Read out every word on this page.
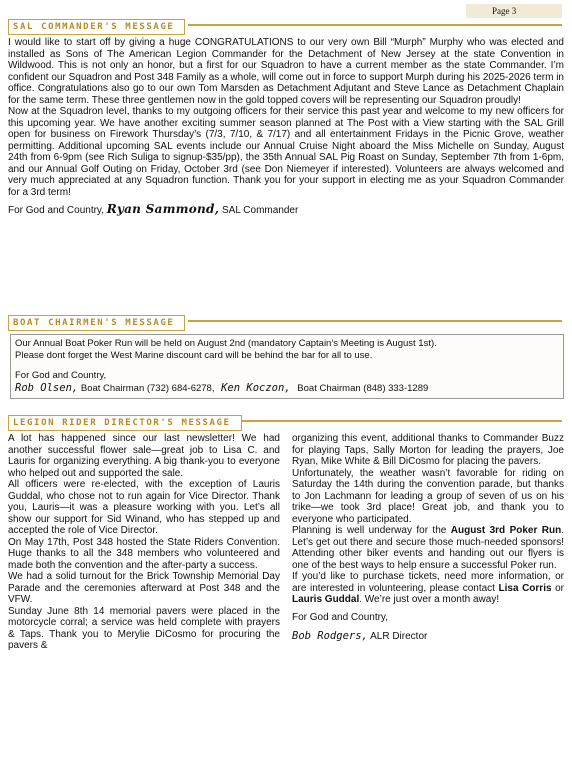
Page 3
SAL COMMANDER'S MESSAGE

I would like to start off by giving a huge CONGRATULATIONS to our very own Bill “Murph” Murphy who was elected and installed as Sons of The American Legion Commander for the Detachment of New Jersey at the state Convention in Wildwood. This is not only an honor, but a first for our Squadron to have a current member as the state Commander. I’m confident our Squadron and Post 348 Family as a whole, will come out in force to support Murph during his 2025-2026 term in office. Congratulations also go to our own Tom Marsden as Detachment Adjutant and Steve Lance as Detachment Chaplain for the same term. These three gentlemen now in the gold topped covers will be representing our Squadron proudly!

Now at the Squadron level, thanks to my outgoing officers for their service this past year and welcome to my new officers for this upcoming year. We have another exciting summer season planned at The Post with a View starting with the SAL Grill open for business on Firework Thursday’s (7/3, 7/10, & 7/17) and all entertainment Fridays in the Picnic Grove, weather permitting. Additional upcoming SAL events include our Annual Cruise Night aboard the Miss Michelle on Sunday, August 24th from 6-9pm (see Rich Suliga to signup-$35/pp), the 35th Annual SAL Pig Roast on Sunday, September 7th from 1-6pm, and our Annual Golf Outing on Friday, October 3rd (see Don Niemeyer if interested). Volunteers are always welcomed and very much appreciated at any Squadron function. Thank you for your support in electing me as your Squadron Commander for a 3rd term!

For God and Country, Ryan Sammond, SAL Commander
BOAT CHAIRMEN'S MESSAGE
Our Annual Boat Poker Run will be held on August 2nd (mandatory Captain’s Meeting is August 1st).
Please dont forget the West Marine discount card will be behind the bar for all to use.
For God and Country,
Rob Olsen, Boat Chairman (732) 684-6278, Ken Koczon, Boat Chairman (848) 333-1289
LEGION RIDER DIRECTOR'S MESSAGE

A lot has happened since our last newsletter! We had another successful flower sale—great job to Lisa C. and Lauris for organizing everything. A big thank-you to everyone who helped out and supported the sale.

All officers were re-elected, with the exception of Lauris Guddal, who chose not to run again for Vice Director. Thank you, Lauris—it was a pleasure working with you. Let’s all show our support for Sid Winand, who has stepped up and accepted the role of Vice Director.

On May 17th, Post 348 hosted the State Riders Convention. Huge thanks to all the 348 members who volunteered and made both the convention and the after-party a success.

We had a solid turnout for the Brick Township Memorial Day Parade and the ceremonies afterward at Post 348 and the VFW.

Sunday June 8th 14 memorial pavers were placed in the motorcycle corral; a service was held complete with prayers & Taps. Thank you to Merylie DiCosmo for procuring the pavers &

organizing this event, additional thanks to Commander Buzz for playing Taps, Sally Morton for leading the prayers, Joe Ryan, Mike White & Bill DiCosmo for placing the pavers.

Unfortunately, the weather wasn’t favorable for riding on Saturday the 14th during the convention parade, but thanks to Jon Lachmann for leading a group of seven of us on his trike—we took 3rd place! Great job, and thank you to everyone who participated.

Planning is well underway for the August 3rd Poker Run. Let’s get out there and secure those much-needed sponsors! Attending other biker events and handing out our flyers is one of the best ways to help ensure a successful Poker run.

If you’d like to purchase tickets, need more information, or are interested in volunteering, please contact Lisa Corris or Lauris Guddal. We’re just over a month away!

For God and Country,

Bob Rodgers, ALR Director
